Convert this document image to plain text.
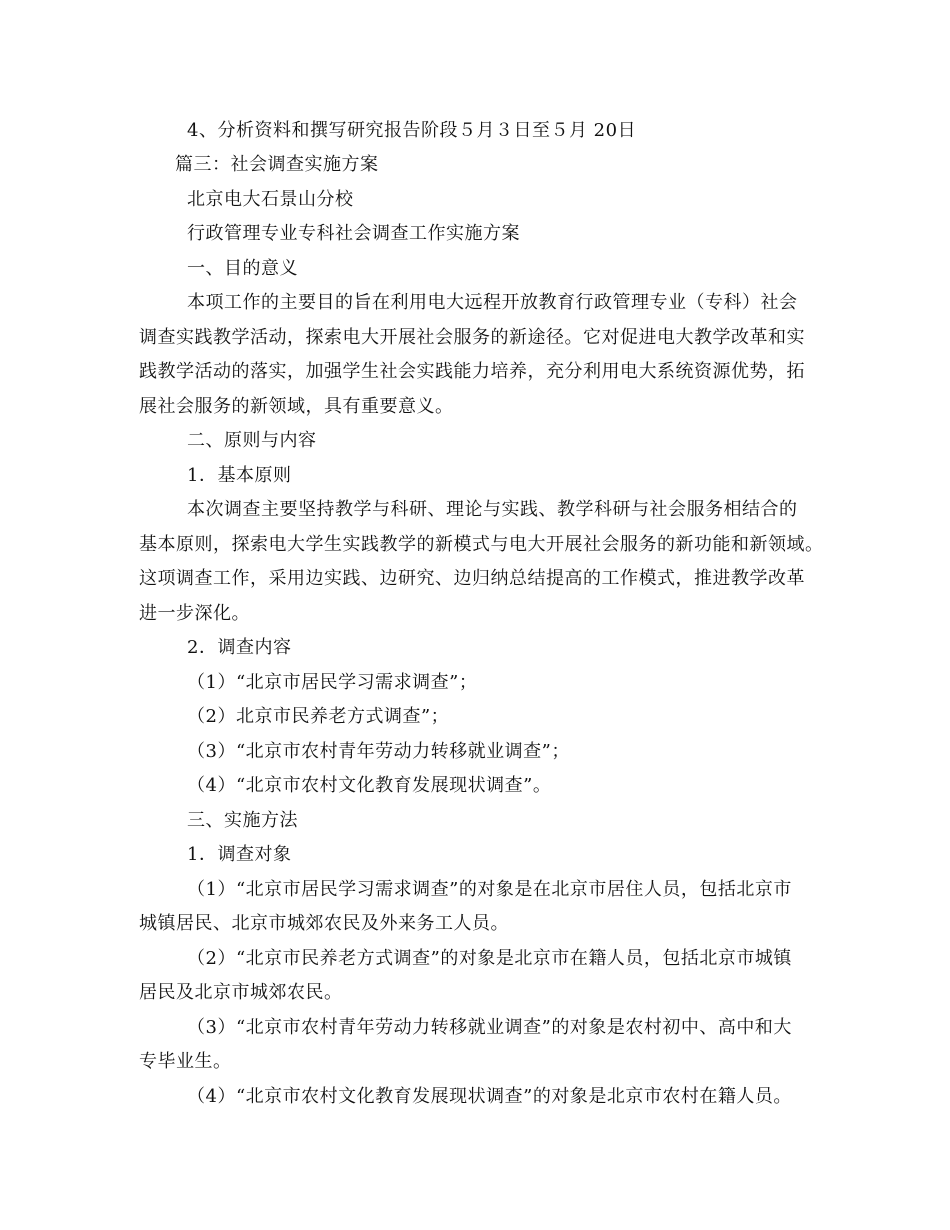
4、分析资料和撰写研究报告阶段５月３日至５月 20日
篇三：社会调查实施方案
北京电大石景山分校
行政管理专业专科社会调查工作实施方案
一、目的意义
本项工作的主要目的旨在利用电大远程开放教育行政管理专业（专科）社会
调查实践教学活动，探索电大开展社会服务的新途径。它对促进电大教学改革和实
践教学活动的落实，加强学生社会实践能力培养，充分利用电大系统资源优势，拓
展社会服务的新领域，具有重要意义。
二、原则与内容
1．基本原则
本次调查主要坚持教学与科研、理论与实践、教学科研与社会服务相结合的
基本原则，探索电大学生实践教学的新模式与电大开展社会服务的新功能和新领域。
这项调查工作，采用边实践、边研究、边归纳总结提高的工作模式，推进教学改革
进一步深化。
2．调查内容
（1）“北京市居民学习需求调查”；
（2）北京市民养老方式调查”；
（3）“北京市农村青年劳动力转移就业调查”；
（4）“北京市农村文化教育发展现状调查”。
三、实施方法
1．调查对象
（1）“北京市居民学习需求调查”的对象是在北京市居住人员，包括北京市
城镇居民、北京市城郊农民及外来务工人员。
（2）“北京市民养老方式调查”的对象是北京市在籍人员，包括北京市城镇
居民及北京市城郊农民。
（3）“北京市农村青年劳动力转移就业调查”的对象是农村初中、高中和大
专毕业生。
（4）“北京市农村文化教育发展现状调查”的对象是北京市农村在籍人员。
